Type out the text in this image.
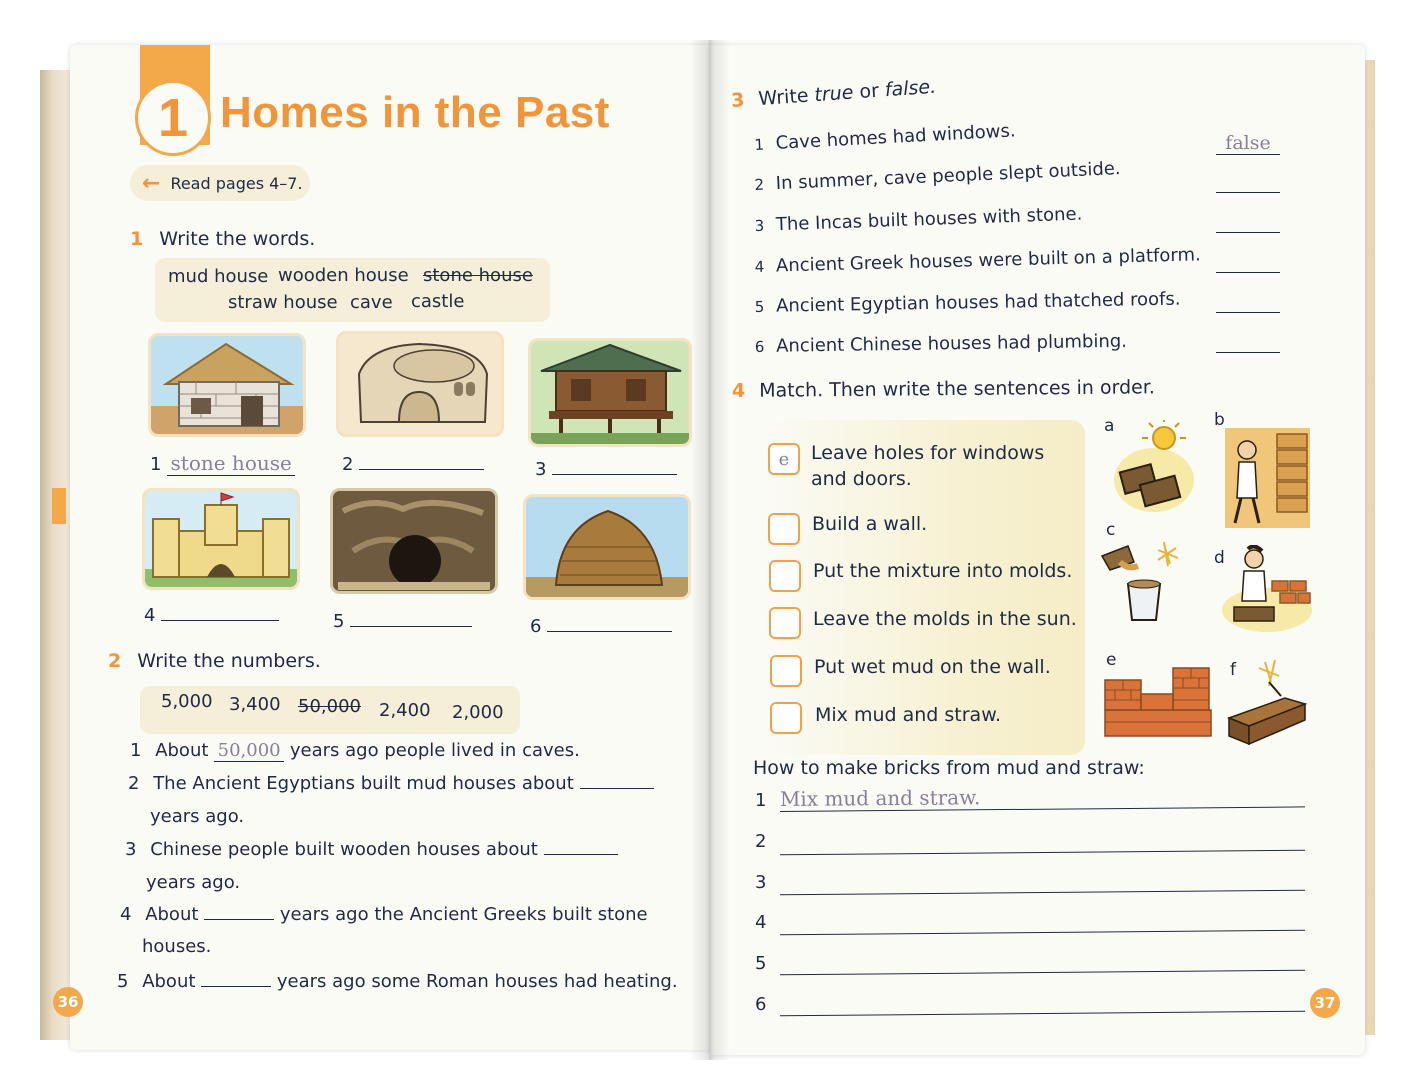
1 Homes in the Past
← Read pages 4–7.
1 Write the words.
mud house wooden house stone house
straw house cave castle
1 stone house	2	3
4	5	6
2 Write the numbers.
5,000 3,400 50,000 2,400 2,000
1 About 50,000 years ago people lived in caves.
2 The Ancient Egyptians built mud houses about
years ago.
3 Chinese people built wooden houses about
years ago.
4 About	years ago the Ancient Greeks built stone
houses.
5 About	years ago some Roman houses had heating.
36
3 Write true or false.
1 Cave homes had windows.	false
2 In summer, cave people slept outside.
3 The Incas built houses with stone.
4 Ancient Greek houses were built on a platform.
5 Ancient Egyptian houses had thatched roofs.
6 Ancient Chinese houses had plumbing.
4 Match. Then write the sentences in order.
e	Leave holes for windows
and doors.
Build a wall.
Put the mixture into molds.
Leave the molds in the sun.
Put wet mud on the wall.
Mix mud and straw.
a	b
c
d
e	f
How to make bricks from mud and straw:
1 Mix mud and straw.
2
3
4
5
6	37
